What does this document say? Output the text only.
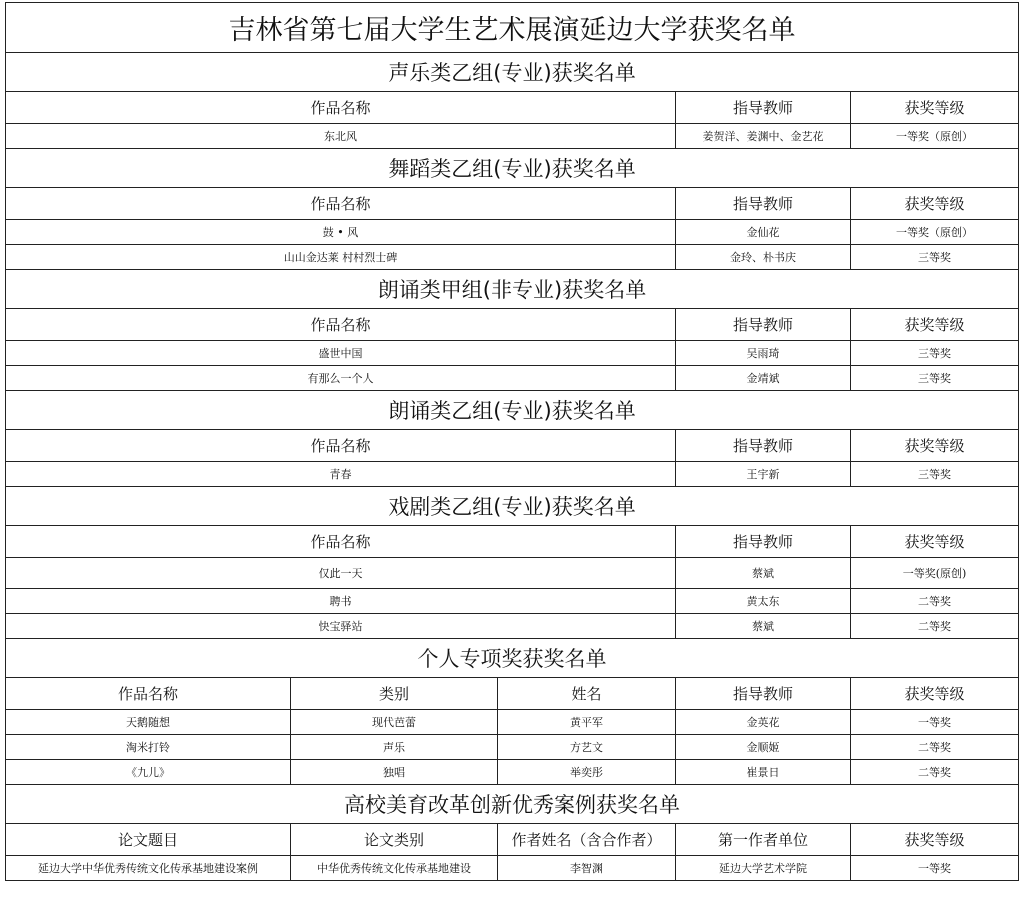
吉林省第七届大学生艺术展演延边大学获奖名单				
声乐类乙组(专业)获奖名单				
作品名称			指导教师	获奖等级
东北风			姜贺洋、姜渊中、金艺花	一等奖（原创）
舞蹈类乙组(专业)获奖名单				
作品名称			指导教师	获奖等级
鼓 • 风			金仙花	一等奖（原创）
山山金达莱 村村烈士碑			金玲、朴书庆	三等奖
朗诵类甲组(非专业)获奖名单				
作品名称			指导教师	获奖等级
盛世中国			吴雨琦	三等奖
有那么一个人			金靖斌	三等奖
朗诵类乙组(专业)获奖名单				
作品名称			指导教师	获奖等级
青春			王宇新	三等奖
戏剧类乙组(专业)获奖名单				
作品名称			指导教师	获奖等级
仅此一天			蔡斌	一等奖(原创)
聘书			黄太东	二等奖
快宝驿站			蔡斌	二等奖
个人专项奖获奖名单				
作品名称	类别	姓名	指导教师	获奖等级
天鹅随想	现代芭蕾	黄平军	金英花	一等奖
淘米打铃	声乐	方艺文	金顺姬	二等奖
《九儿》	独唱	举奕彤	崔景日	二等奖
高校美育改革创新优秀案例获奖名单				
论文题目	论文类别	作者姓名（含合作者）	第一作者单位	获奖等级
延边大学中华优秀传统文化传承基地建设案例	中华优秀传统文化传承基地建设	李智渊	延边大学艺术学院	一等奖
